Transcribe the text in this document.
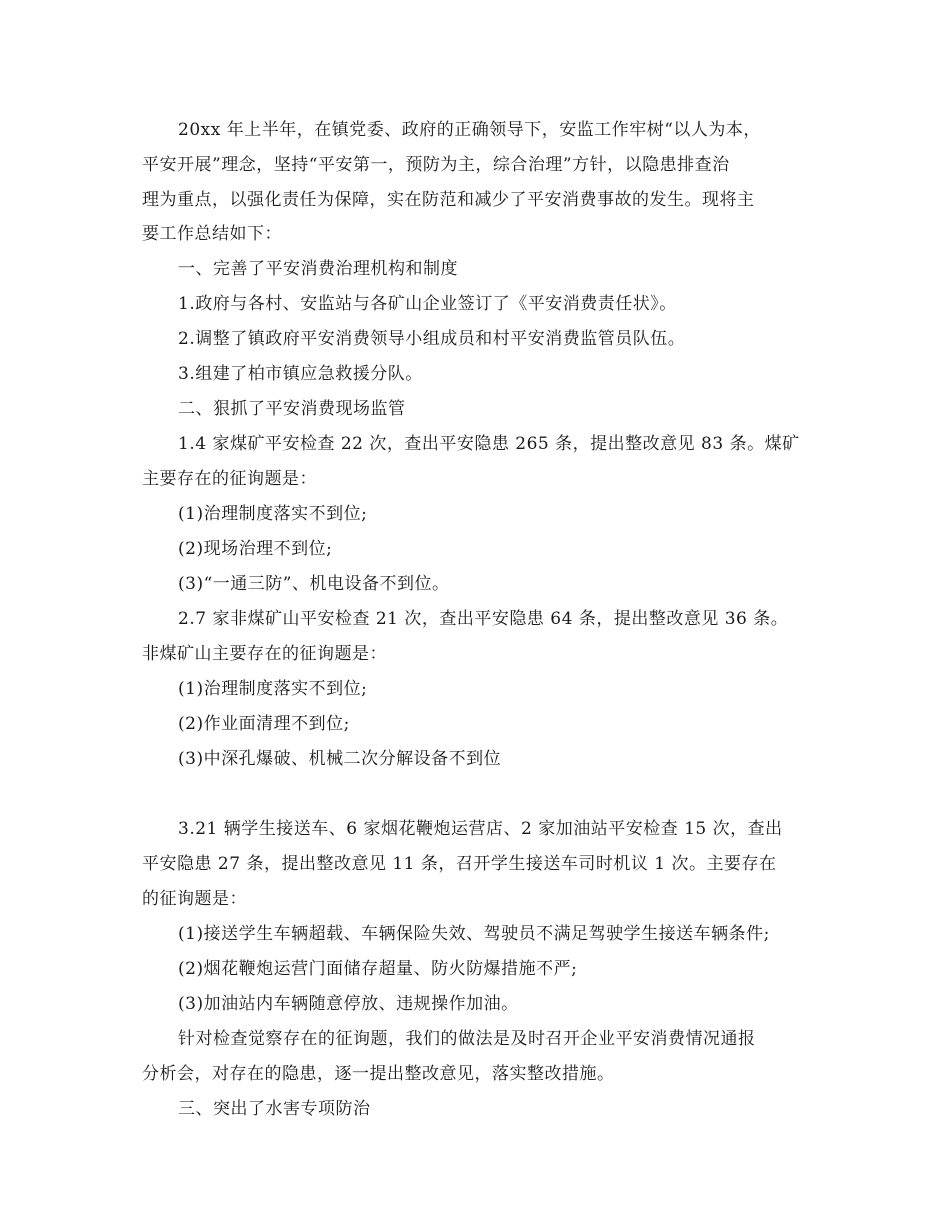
20xx 年上半年，在镇党委、政府的正确领导下，安监工作牢树“以人为本，
平安开展”理念，坚持“平安第一，预防为主，综合治理”方针，以隐患排查治
理为重点，以强化责任为保障，实在防范和减少了平安消费事故的发生。现将主
要工作总结如下：
一、完善了平安消费治理机构和制度
1.政府与各村、安监站与各矿山企业签订了《平安消费责任状》。
2.调整了镇政府平安消费领导小组成员和村平安消费监管员队伍。
3.组建了柏市镇应急救援分队。
二、狠抓了平安消费现场监管
1.4 家煤矿平安检查 22 次，查出平安隐患 265 条，提出整改意见 83 条。煤矿
主要存在的征询题是：
(1)治理制度落实不到位;
(2)现场治理不到位;
(3)“一通三防”、机电设备不到位。
2.7 家非煤矿山平安检查 21 次，查出平安隐患 64 条，提出整改意见 36 条。
非煤矿山主要存在的征询题是：
(1)治理制度落实不到位;
(2)作业面清理不到位;
(3)中深孔爆破、机械二次分解设备不到位
3.21 辆学生接送车、6 家烟花鞭炮运营店、2 家加油站平安检查 15 次，查出
平安隐患 27 条，提出整改意见 11 条，召开学生接送车司时机议 1 次。主要存在
的征询题是：
(1)接送学生车辆超载、车辆保险失效、驾驶员不满足驾驶学生接送车辆条件;
(2)烟花鞭炮运营门面储存超量、防火防爆措施不严;
(3)加油站内车辆随意停放、违规操作加油。
针对检查觉察存在的征询题，我们的做法是及时召开企业平安消费情况通报
分析会，对存在的隐患，逐一提出整改意见，落实整改措施。
三、突出了水害专项防治
